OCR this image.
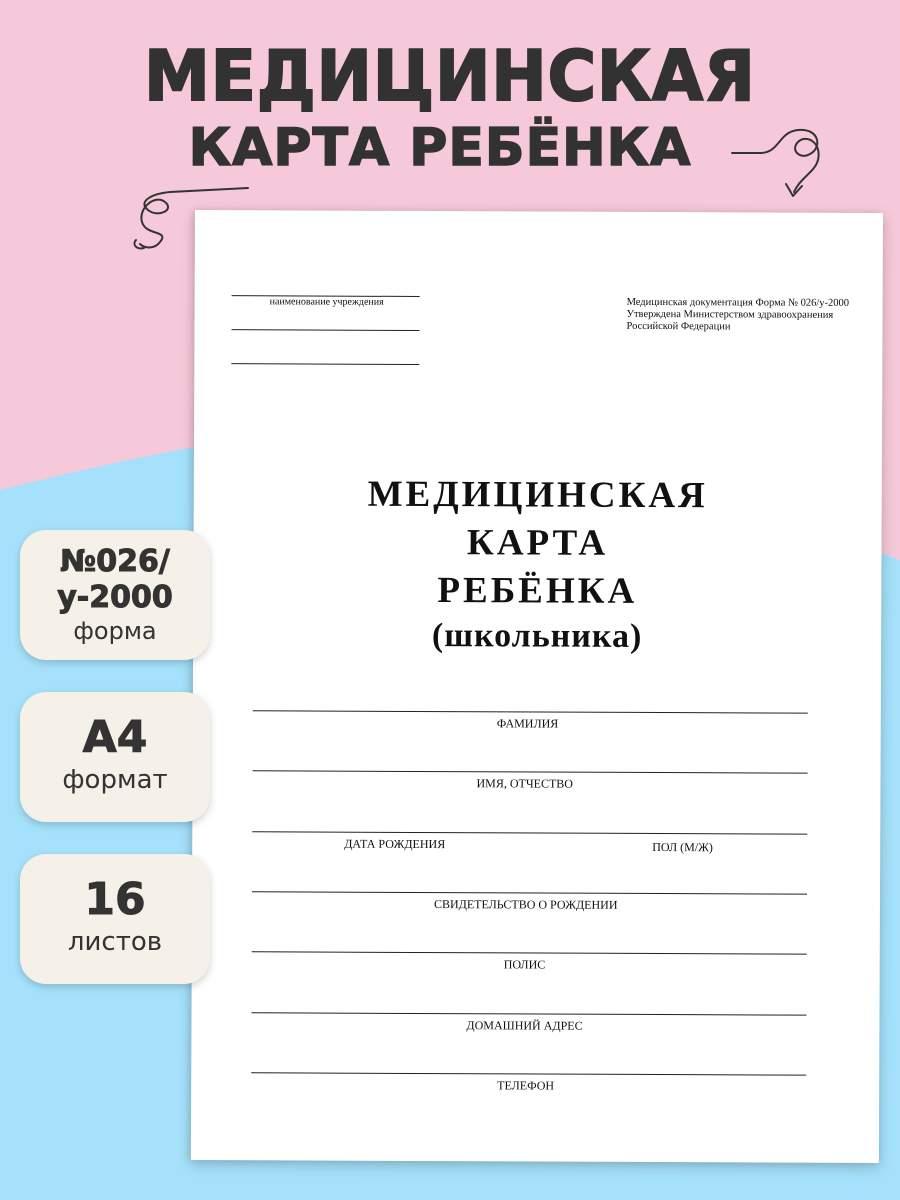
МЕДИЦИНСКАЯ
КАРТА РЕБЁНКА
наименование учреждения	Медицинская документация Форма № 026/у-2000
Утверждена Министерством здравоохранения
Российской Федерации
МЕДИЦИНСКАЯ
КАРТА
РЕБЁНКА
(школьника)
ФАМИЛИЯ
ИМЯ, ОТЧЕСТВО
ДАТА РОЖДЕНИЯ	ПОЛ (М/Ж)
СВИДЕТЕЛЬСТВО О РОЖДЕНИИ
ПОЛИС
ДОМАШНИЙ АДРЕС
ТЕЛЕФОН
№026/
у-2000
форма
А4
формат
16
листов
